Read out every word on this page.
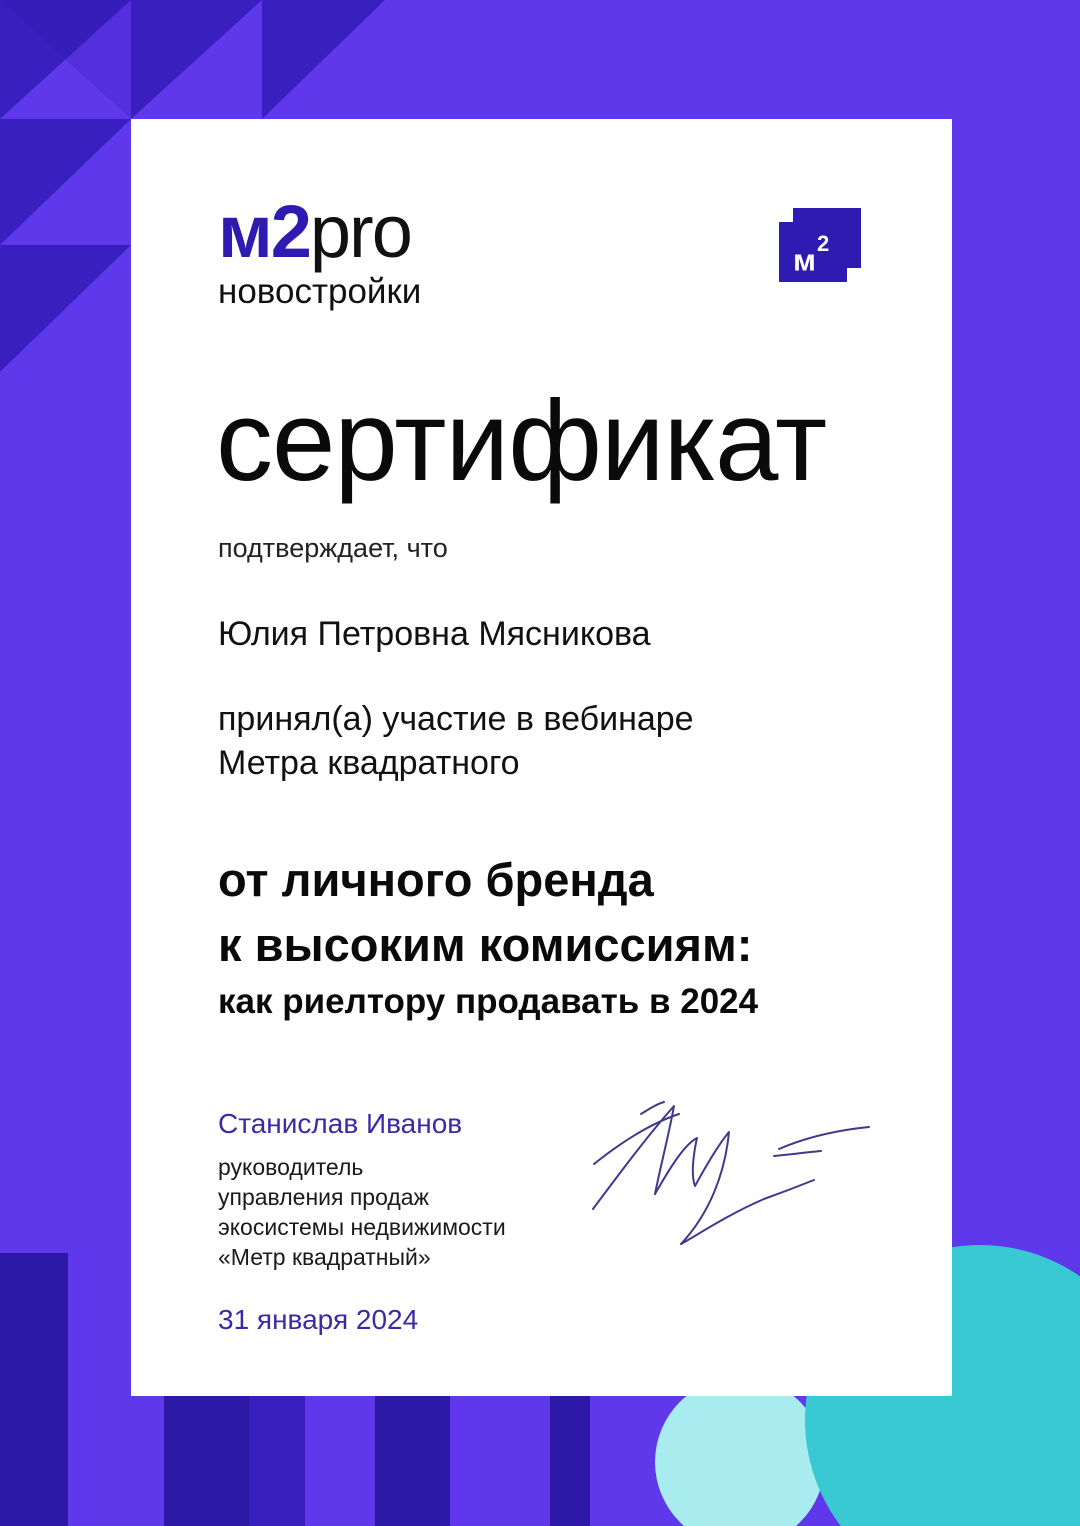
м2pro
новостройки
$м^2$
сертификат
подтверждает, что
Юлия Петровна Мясникова
принял(а) участие в вебинаре
Метра квадратного
от личного бренда
к высоким комиссиям:
как риелтору продавать в 2024
Станислав Иванов
руководитель
управления продаж
экосистемы недвижимости
«Метр квадратный»
31 января 2024
